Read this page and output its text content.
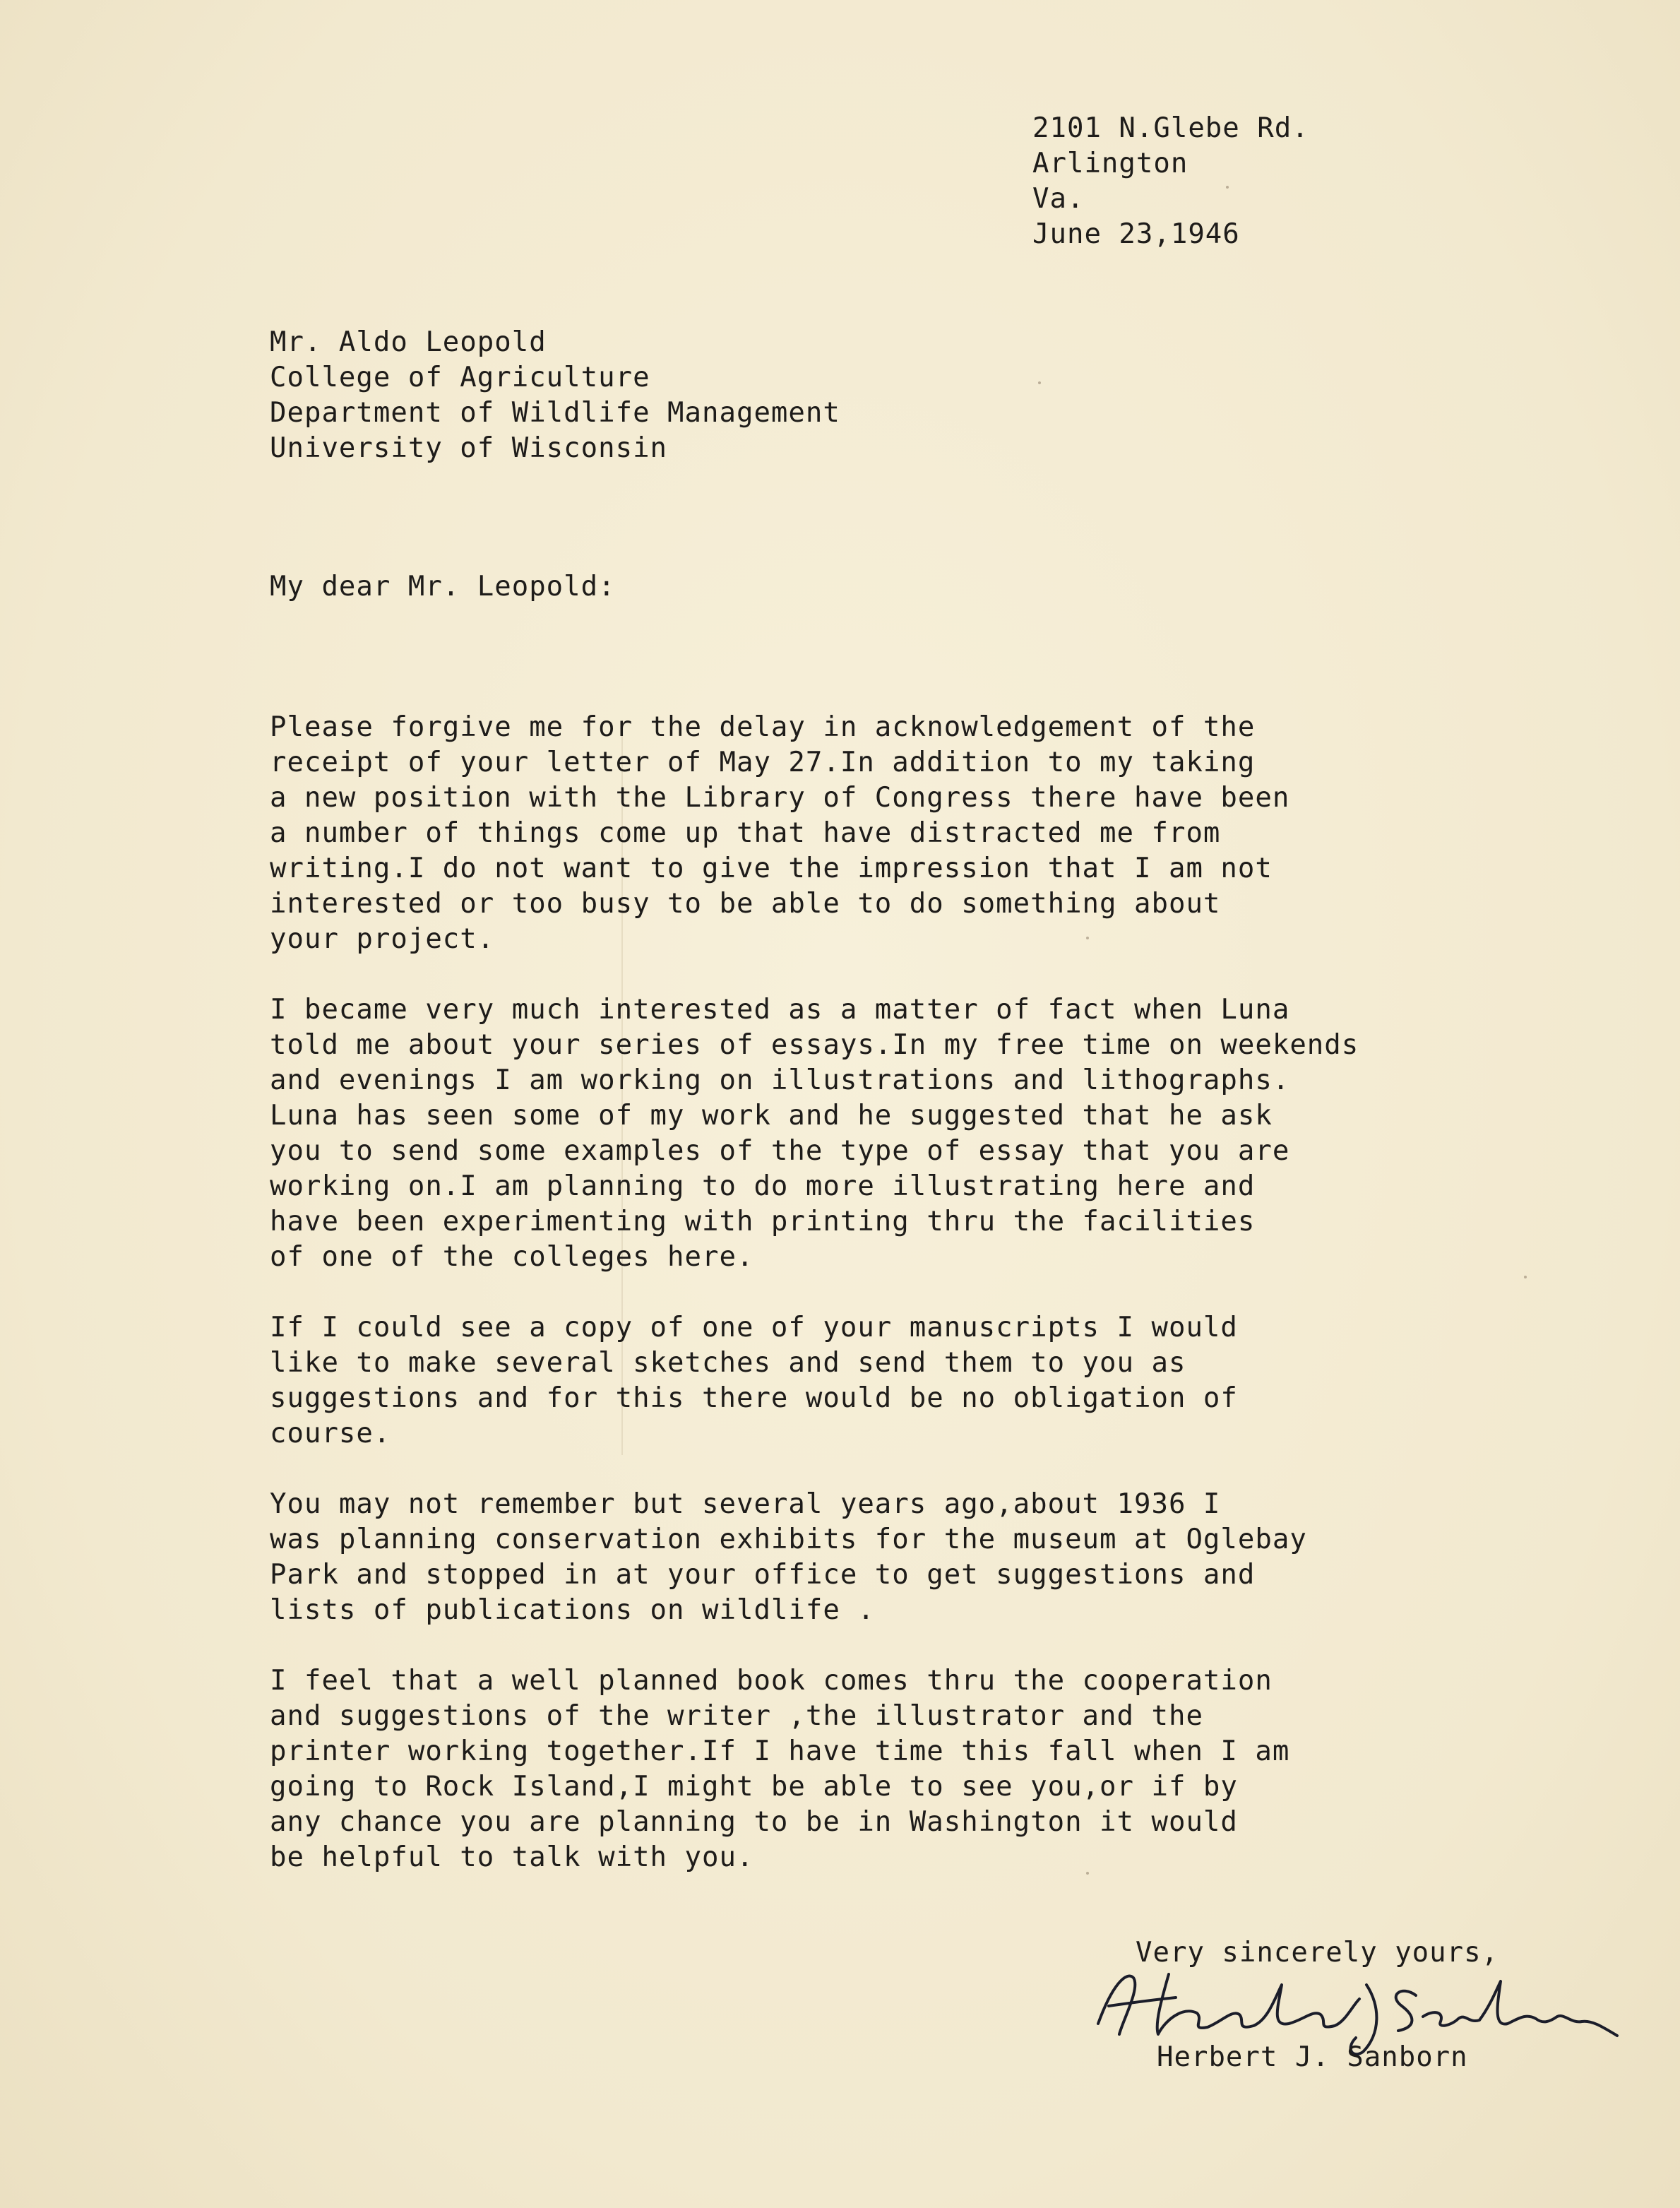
2101 N.Glebe Rd.

Arlington

Va.

June 23,1946

Mr. Aldo Leopold

College of Agriculture

Department of Wildlife Management

University of Wisconsin

My dear Mr. Leopold:

Please forgive me for the delay in acknowledgement of the

receipt of your letter of May 27.In addition to my taking

a new position with the Library of Congress there have been

a number of things come up that have distracted me from

writing.I do not want to give the impression that I am not

interested or too busy to be able to do something about

your project.

I became very much interested as a matter of fact when Luna

told me about your series of essays.In my free time on weekends

and evenings I am working on illustrations and lithographs.

Luna has seen some of my work and he suggested that he ask

you to send some examples of the type of essay that you are

working on.I am planning to do more illustrating here and

have been experimenting with printing thru the facilities

of one of the colleges here.

If I could see a copy of one of your manuscripts I would

like to make several sketches and send them to you as

suggestions and for this there would be no obligation of

course.

You may not remember but several years ago,about 1936 I

was planning conservation exhibits for the museum at Oglebay

Park and stopped in at your office to get suggestions and

lists of publications on wildlife .

I feel that a well planned book comes thru the cooperation

and suggestions of the writer ,the illustrator and the

printer working together.If I have time this fall when I am

going to Rock Island,I might be able to see you,or if by

any chance you are planning to be in Washington it would

be helpful to talk with you.

Very sincerely yours,

Herbert J. Sanborn
